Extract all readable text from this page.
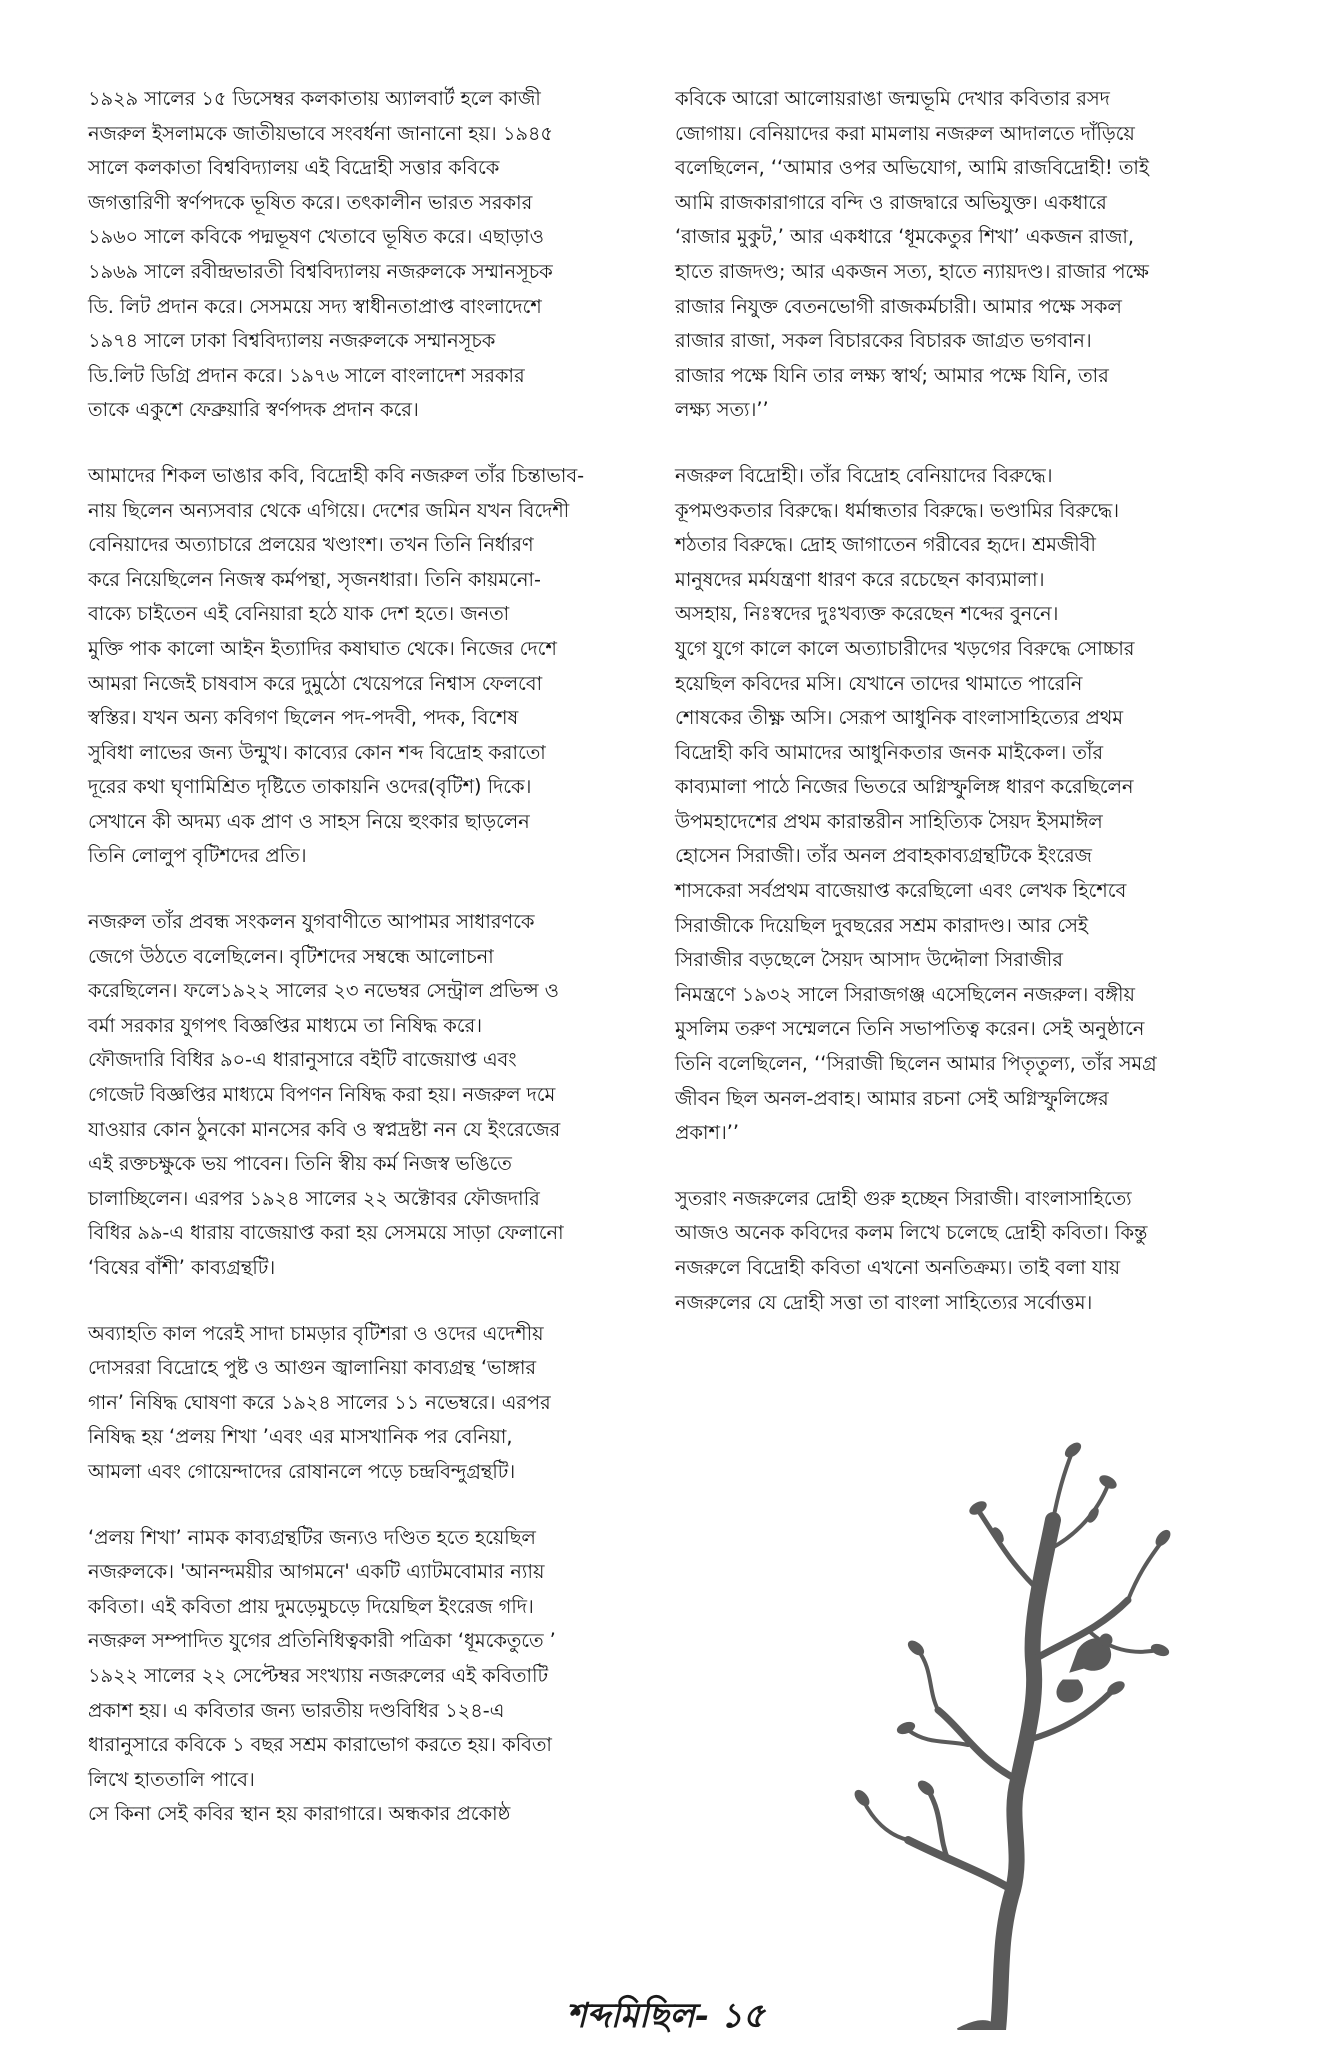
১৯২৯ সালের ১৫ ডিসেম্বর কলকাতায় অ্যালবার্ট হলে কাজী
নজরুল ইসলামকে জাতীয়ভাবে সংবর্ধনা জানানো হয়। ১৯৪৫
সালে কলকাতা বিশ্ববিদ্যালয় এই বিদ্রোহী সত্তার কবিকে
জগত্তারিণী স্বর্ণপদকে ভূষিত করে। তৎকালীন ভারত সরকার
১৯৬০ সালে কবিকে পদ্মভূষণ খেতাবে ভূষিত করে। এছাড়াও
১৯৬৯ সালে রবীন্দ্রভারতী বিশ্ববিদ্যালয় নজরুলকে সম্মানসূচক
ডি. লিট প্রদান করে। সেসময়ে সদ্য স্বাধীনতাপ্রাপ্ত বাংলাদেশে
১৯৭৪ সালে ঢাকা বিশ্ববিদ্যালয় নজরুলকে সম্মানসূচক
ডি.লিট ডিগ্রি প্রদান করে। ১৯৭৬ সালে বাংলাদেশ সরকার
তাকে একুশে ফেব্রুয়ারি স্বর্ণপদক প্রদান করে।

আমাদের শিকল ভাঙার কবি, বিদ্রোহী কবি নজরুল তাঁর চিন্তাভাব-
নায় ছিলেন অন্যসবার থেকে এগিয়ে। দেশের জমিন যখন বিদেশী
বেনিয়াদের অত্যাচারে প্রলয়ের খণ্ডাংশ। তখন তিনি নির্ধারণ
করে নিয়েছিলেন নিজস্ব কর্মপন্থা, সৃজনধারা। তিনি কায়মনো-
বাক্যে চাইতেন এই বেনিয়ারা হঠে যাক দেশ হতে। জনতা
মুক্তি পাক কালো আইন ইত্যাদির কষাঘাত থেকে। নিজের দেশে
আমরা নিজেই চাষবাস করে দুমুঠো খেয়েপরে নিশ্বাস ফেলবো
স্বস্তির। যখন অন্য কবিগণ ছিলেন পদ-পদবী, পদক, বিশেষ
সুবিধা লাভের জন্য উন্মুখ। কাব্যের কোন শব্দ বিদ্রোহ করাতো
দূরের কথা ঘৃণামিশ্রিত দৃষ্টিতে তাকায়নি ওদের(বৃটিশ) দিকে।
সেখানে কী অদম্য এক প্রাণ ও সাহস নিয়ে হুংকার ছাড়লেন
তিনি লোলুপ বৃটিশদের প্রতি।

নজরুল তাঁর প্রবন্ধ সংকলন যুগবাণীতে আপামর সাধারণকে
জেগে উঠতে বলেছিলেন। বৃটিশদের সম্বন্ধে আলোচনা
করেছিলেন। ফলে১৯২২ সালের ২৩ নভেম্বর সেন্ট্রাল প্রভিন্স ও
বর্মা সরকার যুগপৎ বিজ্ঞপ্তির মাধ্যমে তা নিষিদ্ধ করে।
ফৌজদারি বিধির ৯০-এ ধারানুসারে বইটি বাজেয়াপ্ত এবং
গেজেট বিজ্ঞপ্তির মাধ্যমে বিপণন নিষিদ্ধ করা হয়। নজরুল দমে
যাওয়ার কোন ঠুনকো মানসের কবি ও স্বপ্নদ্রষ্টা নন যে ইংরেজের
এই রক্তচক্ষুকে ভয় পাবেন। তিনি স্বীয় কর্ম নিজস্ব ভঙিতে
চালাচ্ছিলেন। এরপর ১৯২৪ সালের ২২ অক্টোবর ফৌজদারি
বিধির ৯৯-এ ধারায় বাজেয়াপ্ত করা হয় সেসময়ে সাড়া ফেলানো
‘বিষের বাঁশী’ কাব্যগ্রন্থটি।

অব্যাহতি কাল পরেই সাদা চামড়ার বৃটিশরা ও ওদের এদেশীয়
দোসররা বিদ্রোহে পুষ্ট ও আগুন জ্বালানিয়া কাব্যগ্রন্থ ‘ভাঙ্গার
গান’ নিষিদ্ধ ঘোষণা করে ১৯২৪ সালের ১১ নভেম্বরে। এরপর
নিষিদ্ধ হয় ‘প্রলয় শিখা ’এবং এর মাসখানিক পর বেনিয়া,
আমলা এবং গোয়েন্দাদের রোষানলে পড়ে চন্দ্রবিন্দুগ্রন্থটি।

‘প্রলয় শিখা’ নামক কাব্যগ্রন্থটির জন্যও দণ্ডিত হতে হয়েছিল
নজরুলকে। 'আনন্দময়ীর আগমনে' একটি এ্যাটমবোমার ন্যায়
কবিতা। এই কবিতা প্রায় দুমড়েমুচড়ে দিয়েছিল ইংরেজ গদি।
নজরুল সম্পাদিত যুগের প্রতিনিধিত্বকারী পত্রিকা ‘ধূমকেতুতে ’
১৯২২ সালের ২২ সেপ্টেম্বর সংখ্যায় নজরুলের এই কবিতাটি
প্রকাশ হয়। এ কবিতার জন্য ভারতীয় দণ্ডবিধির ১২৪-এ
ধারানুসারে কবিকে ১ বছর সশ্রম কারাভোগ করতে হয়। কবিতা
লিখে হাততালি পাবে।
সে কিনা সেই কবির স্থান হয় কারাগারে। অন্ধকার প্রকোষ্ঠ

কবিকে আরো আলোয়রাঙা জন্মভূমি দেখার কবিতার রসদ
জোগায়। বেনিয়াদের করা মামলায় নজরুল আদালতে দাঁড়িয়ে
বলেছিলেন, ‘‘আমার ওপর অভিযোগ, আমি রাজবিদ্রোহী! তাই
আমি রাজকারাগারে বন্দি ও রাজদ্বারে অভিযুক্ত। একধারে
‘রাজার মুকুট,’ আর একধারে ‘ধূমকেতুর শিখা’ একজন রাজা,
হাতে রাজদণ্ড; আর একজন সত্য, হাতে ন্যায়দণ্ড। রাজার পক্ষে
রাজার নিযুক্ত বেতনভোগী রাজকর্মচারী। আমার পক্ষে সকল
রাজার রাজা, সকল বিচারকের বিচারক জাগ্রত ভগবান।
রাজার পক্ষে যিনি তার লক্ষ্য স্বার্থ; আমার পক্ষে যিনি, তার
লক্ষ্য সত্য।’’

নজরুল বিদ্রোহী। তাঁর বিদ্রোহ বেনিয়াদের বিরুদ্ধে।
কূপমণ্ডকতার বিরুদ্ধে। ধর্মান্ধতার বিরুদ্ধে। ভণ্ডামির বিরুদ্ধে।
শঠতার বিরুদ্ধে। দ্রোহ জাগাতেন গরীবের হৃদে। শ্রমজীবী
মানুষদের মর্মযন্ত্রণা ধারণ করে রচেছেন কাব্যমালা।
অসহায়, নিঃস্বদের দুঃখব্যক্ত করেছেন শব্দের বুননে।
যুগে যুগে কালে কালে অত্যাচারীদের খড়গের বিরুদ্ধে সোচ্চার
হয়েছিল কবিদের মসি। যেখানে তাদের থামাতে পারেনি
শোষকের তীক্ষ্ণ অসি। সেরূপ আধুনিক বাংলাসাহিত্যের প্রথম
বিদ্রোহী কবি আমাদের আধুনিকতার জনক মাইকেল। তাঁর
কাব্যমালা পাঠে নিজের ভিতরে অগ্নিস্ফুলিঙ্গ ধারণ করেছিলেন
উপমহাদেশের প্রথম কারান্তরীন সাহিত্যিক সৈয়দ ইসমাঈল
হোসেন সিরাজী। তাঁর অনল প্রবাহকাব্যগ্রন্থটিকে ইংরেজ
শাসকেরা সর্বপ্রথম বাজেয়াপ্ত করেছিলো এবং লেখক হিশেবে
সিরাজীকে দিয়েছিল দুবছরের সশ্রম কারাদণ্ড। আর সেই
সিরাজীর বড়ছেলে সৈয়দ আসাদ উদ্দৌলা সিরাজীর
নিমন্ত্রণে ১৯৩২ সালে সিরাজগঞ্জ এসেছিলেন নজরুল। বঙ্গীয়
মুসলিম তরুণ সম্মেলনে তিনি সভাপতিত্ব করেন। সেই অনুষ্ঠানে
তিনি বলেছিলেন, ‘‘সিরাজী ছিলেন আমার পিতৃতুল্য, তাঁর সমগ্র
জীবন ছিল অনল-প্রবাহ। আমার রচনা সেই অগ্নিস্ফুলিঙ্গের
প্রকাশ।’’

সুতরাং নজরুলের দ্রোহী গুরু হচ্ছেন সিরাজী। বাংলাসাহিত্যে
আজও অনেক কবিদের কলম লিখে চলেছে দ্রোহী কবিতা। কিন্তু
নজরুলে বিদ্রোহী কবিতা এখনো অনতিক্রম্য। তাই বলা যায়
নজরুলের যে দ্রোহী সত্তা তা বাংলা সাহিত্যের সর্বোত্তম।

শব্দমিছিল- ১৫
